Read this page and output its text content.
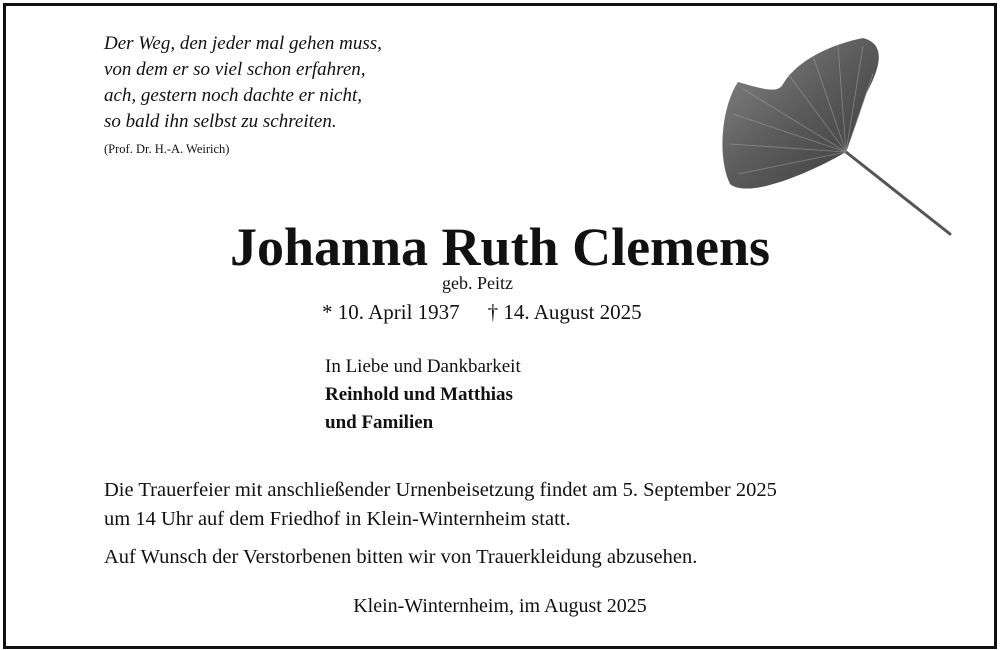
Der Weg, den jeder mal gehen muss,
von dem er so viel schon erfahren,
ach, gestern noch dachte er nicht,
so bald ihn selbst zu schreiten.
(Prof. Dr. H.-A. Weirich)
Johanna Ruth Clemens
geb. Peitz
* 10. April 1937 † 14. August 2025
In Liebe und Dankbarkeit
Reinhold und Matthias
und Familien
Die Trauerfeier mit anschließender Urnenbeisetzung findet am 5. September 2025
um 14 Uhr auf dem Friedhof in Klein-Winternheim statt.
Auf Wunsch der Verstorbenen bitten wir von Trauerkleidung abzusehen.
Klein-Winternheim, im August 2025
